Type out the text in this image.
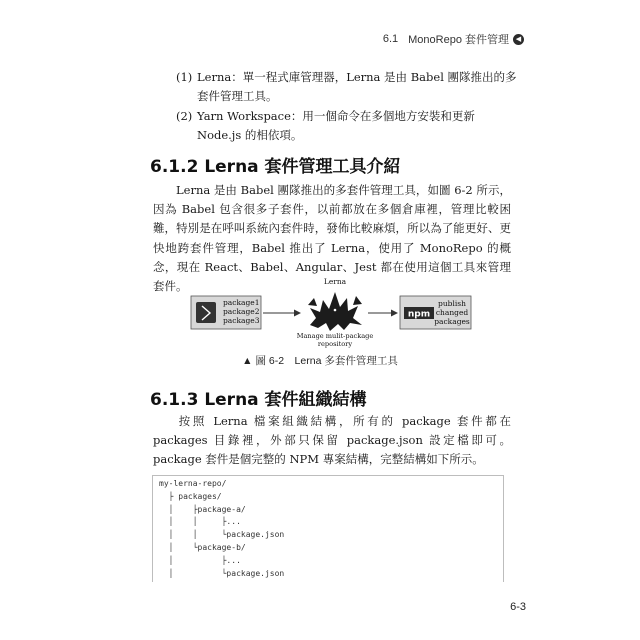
6.1 MonoRepo 套件管理 ◀
(1) Lerna：單一程式庫管理器，Lerna 是由 Babel 團隊推出的多套件管理工具。
(2) Yarn Workspace：用一個命令在多個地方安裝和更新 Node.js 的相依項。
6.1.2 Lerna 套件管理工具介紹
Lerna 是由 Babel 團隊推出的多套件管理工具，如圖 6-2 所示，因為 Babel 包含很多子套件，以前都放在多個倉庫裡，管理比較困難，特別是在呼叫系統內套件時，發佈比較麻煩，所以為了能更好、更快地跨套件管理，Babel 推出了 Lerna，使用了 MonoRepo 的概念，現在 React、Babel、Angular、Jest 都在使用這個工具來管理套件。
package1
package2
package3
Lerna
Manage mulit-package
repository
npm
publish
changed
packages
▲ 圖 6-2　Lerna 多套件管理工具
6.1.3 Lerna 套件組織結構
按照 Lerna 檔案組織結構，所有的 package 套件都在 packages 目錄裡，外部只保留 package.json 設定檔即可。package 套件是個完整的 NPM 專案結構，完整結構如下所示。
my-lerna-repo/
├ packages/
│    ├package-a/
│    │     ├...
│    │     └package.json
│    └package-b/
│          ├...
│          └package.json
6-3
